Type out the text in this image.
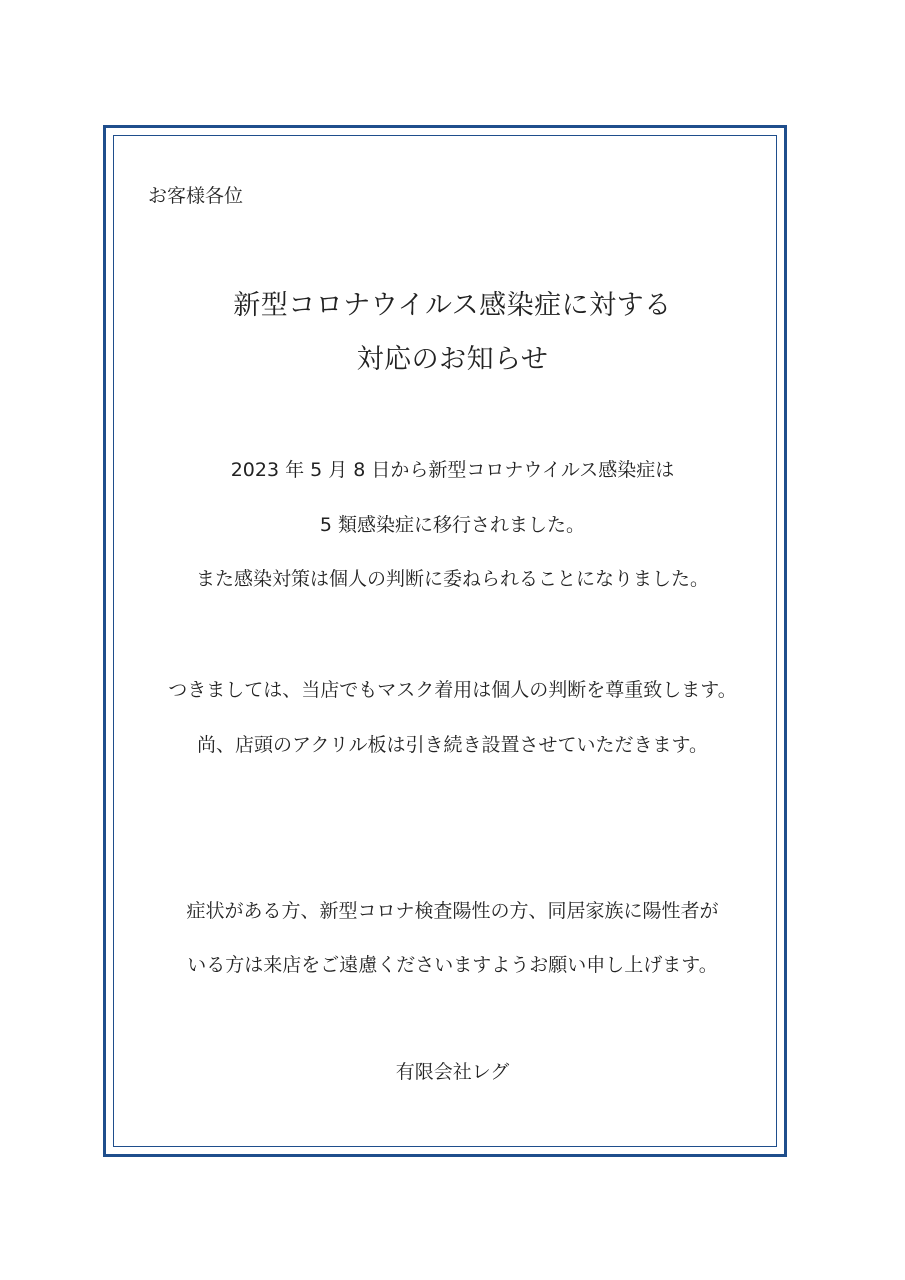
お客様各位
新型コロナウイルス感染症に対する
対応のお知らせ
2023 年 5 月 8 日から新型コロナウイルス感染症は
5 類感染症に移行されました。
また感染対策は個人の判断に委ねられることになりました。
つきましては、当店でもマスク着用は個人の判断を尊重致します。
尚、店頭のアクリル板は引き続き設置させていただきます。
症状がある方、新型コロナ検査陽性の方、同居家族に陽性者が
いる方は来店をご遠慮くださいますようお願い申し上げます。
有限会社レグ
